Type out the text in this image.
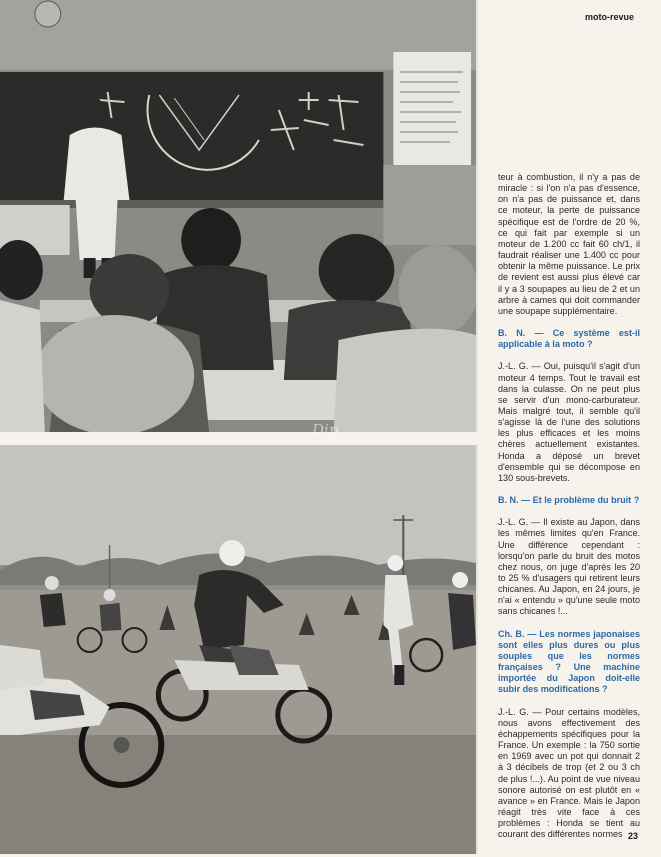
Dip
moto-revue
23

teur à combustion, il n'y a pas de miracle : si l'on n'a pas d'essence, on n'a pas de puissance et, dans ce moteur, la perte de puissance spécifique est de l'ordre de 20 %, ce qui fait par exemple si un moteur de 1.200 cc fait 60 ch/1, il faudrait réaliser une 1.400 cc pour obtenir la même puissance. Le prix de revient est aussi plus élevé car il y a 3 soupapes au lieu de 2 et un arbre à cames qui doit commander une soupape supplémentaire.

B. N. — Ce système est-il applicable à la moto ?

J.-L. G. — Oui, puisqu'il s'agit d'un moteur 4 temps. Tout le travail est dans la culasse. On ne peut plus se servir d'un mono-carburateur. Mais malgré tout, il semble qu'il s'agisse là de l'une des solutions les plus efficaces et les moins chères actuellement existantes. Honda a déposé un brevet d'ensemble qui se décompose en 130 sous-brevets.

B. N. — Et le problème du bruit ?

J.-L. G. — Il existe au Japon, dans les mêmes limites qu'en France. Une différence cependant : lorsqu'on parle du bruit des motos chez nous, on juge d'après les 20 to 25 % d'usagers qui retirent leurs chicanes. Au Japon, en 24 jours, je n'ai « entendu » qu'une seule moto sans chicanes !...

Ch. B. — Les normes japonaises sont elles plus dures ou plus souples que les normes françaises ? Une machine importée du Japon doit-elle subir des modifications ?

J.-L. G. — Pour certains modèles, nous avons effectivement des échappements spécifiques pour la France. Un exemple : la 750 sortie en 1969 avec un pot qui donnait 2 à 3 décibels de trop (et 2 ou 3 ch de plus !...). Au point de vue niveau sonore autorisé on est plutôt en « avance » en France. Mais le Japon réagit très vite face à ces problèmes : Honda se tient au courant des différentes normes
